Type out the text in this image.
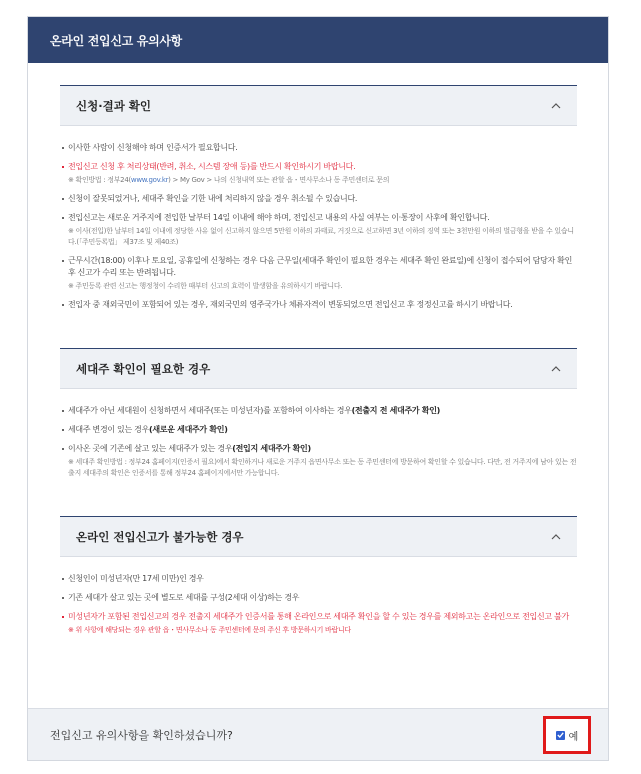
온라인 전입신고 유의사항
신청·결과 확인
이사한 사람이 신청해야 하며 인증서가 필요합니다.
전입신고 신청 후 처리상태(반려, 취소, 시스템 장애 등)를 반드시 확인하시기 바랍니다.
※ 확인방법 : 정부24(www.gov.kr) > My Gov > 나의 신청내역 또는 관할 읍・면사무소나 동 주민센터로 문의
신청이 잘못되었거나, 세대주 확인을 기한 내에 처리하지 않을 경우 취소될 수 있습니다.
전입신고는 새로운 거주지에 전입한 날부터 14일 이내에 해야 하며, 전입신고 내용의 사실 여부는 이·통장이 사후에 확인합니다.
※ 이사(전입)한 날부터 14일 이내에 정당한 사유 없이 신고하지 않으면 5만원 이하의 과태료, 거짓으로 신고하면 3년 이하의 징역 또는 3천만원 이하의 벌금형을 받을 수 있습니다.(「주민등록법」 제37조 및 제40조)
근무시간(18:00) 이후나 토요일, 공휴일에 신청하는 경우 다음 근무일(세대주 확인이 필요한 경우는 세대주 확인 완료일)에 신청이 접수되어 담당자 확인 후 신고가 수리 또는 반려됩니다.
※ 주민등록 관련 신고는 행정청이 수리한 때부터 신고의 효력이 발생함을 유의하시기 바랍니다.
전입자 중 재외국민이 포함되어 있는 경우, 재외국민의 영주국가나 체류자격이 변동되었으면 전입신고 후 정정신고를 하시기 바랍니다.
세대주 확인이 필요한 경우
세대주가 아닌 세대원이 신청하면서 세대주(또는 미성년자)를 포함하여 이사하는 경우(전출지 전 세대주가 확인)
세대주 변경이 있는 경우(새로운 세대주가 확인)
이사온 곳에 기존에 살고 있는 세대주가 있는 경우(전입지 세대주가 확인)
※ 세대주 확인방법 : 정부24 홈페이지(인증서 필요)에서 확인하거나 새로운 거주지 읍면사무소 또는 동 주민센터에 방문하여 확인할 수 있습니다. 다만, 전 거주지에 남아 있는 전출지 세대주의 확인은 인증서를 통해 정부24 홈페이지에서만 가능합니다.
온라인 전입신고가 불가능한 경우
신청인이 미성년자(만 17세 미만)인 경우
기존 세대가 살고 있는 곳에 별도로 세대를 구성(2세대 이상)하는 경우
미성년자가 포함된 전입신고의 경우 전출지 세대주가 인증서를 통해 온라인으로 세대주 확인을 할 수 있는 경우를 제외하고는 온라인으로 전입신고 불가
※ 위 사항에 해당되는 경우 관할 읍・면사무소나 동 주민센터에 문의 주신 후 방문하시기 바랍니다
전입신고 유의사항을 확인하셨습니까?	예
